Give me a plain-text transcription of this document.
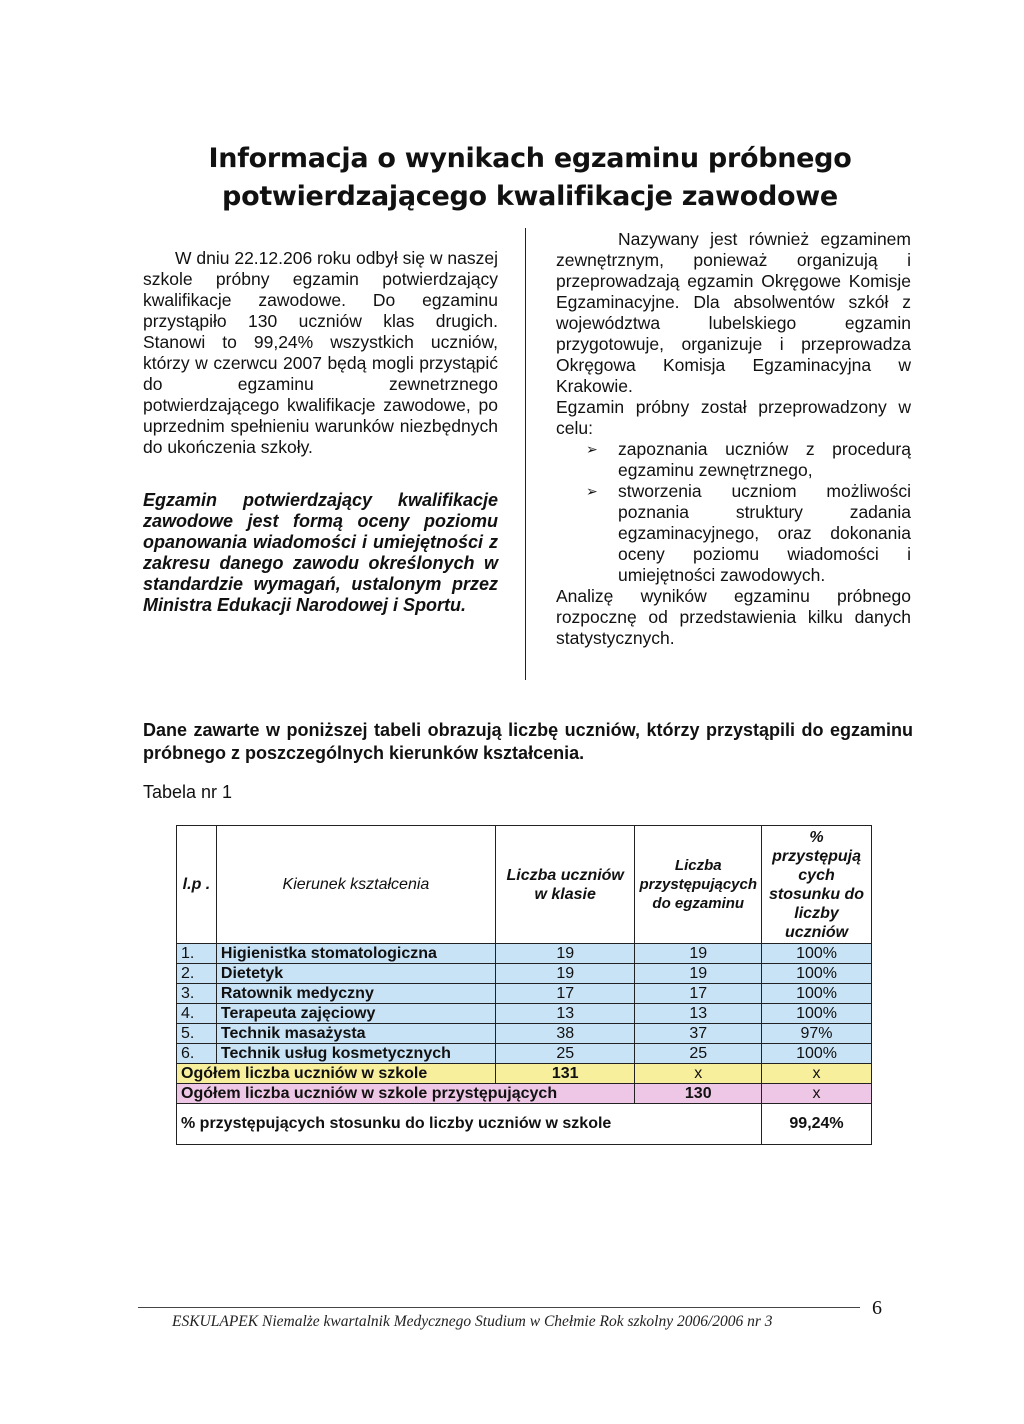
Informacja o wynikach egzaminu próbnego
potwierdzającego kwalifikacje zawodowe

W dniu 22.12.206 roku odbył się w naszej szkole próbny egzamin potwierdzający kwalifikacje zawodowe. Do egzaminu przystąpiło 130 uczniów klas drugich. Stanowi to 99,24% wszystkich uczniów, którzy w czerwcu 2007 będą mogli przystąpić do egzaminu zewnetrznego potwierdzającego kwalifikacje zawodowe, po uprzednim spełnieniu warunków niezbędnych do ukończenia szkoły.

Egzamin potwierdzający kwalifikacje zawodowe jest formą oceny poziomu opanowania wiadomości i umiejętności z zakresu danego zawodu określonych w standardzie wymagań, ustalonym przez Ministra Edukacji Narodowej i Sportu.

Nazywany jest również egzaminem zewnętrznym, ponieważ organizują i przeprowadzają egzamin Okręgowe Komisje Egzaminacyjne. Dla absolwentów szkół z województwa lubelskiego egzamin przygotowuje, organizuje i przeprowadza Okręgowa Komisja Egzaminacyjna w Krakowie.

Egzamin próbny został przeprowadzony w celu:

➢ zapoznania uczniów z procedurą egzaminu zewnętrznego,
➢ stworzenia uczniom możliwości poznania struktury zadania egzaminacyjnego, oraz dokonania oceny poziomu wiadomości i umiejętności zawodowych.

Analizę wyników egzaminu próbnego rozpocznę od przedstawienia kilku danych statystycznych.

Dane zawarte w poniższej tabeli obrazują liczbę uczniów, którzy przystąpili do egzaminu próbnego z poszczególnych kierunków kształcenia.
Tabela nr 1
l.p .	Kierunek kształcenia	Liczba uczniów w klasie	Liczba przystępujących do egzaminu	% przystępują cych stosunku do liczby uczniów
1.	Higienistka stomatologiczna	19	19	100%
2.	Dietetyk	19	19	100%
3.	Ratownik medyczny	17	17	100%
4.	Terapeuta zajęciowy	13	13	100%
5.	Technik masażysta	38	37	97%
6.	Technik usług kosmetycznych	25	25	100%
Ogółem liczba uczniów w szkole		131	x	x
Ogółem liczba uczniów w szkole przystępujących			130	x
% przystępujących stosunku do liczby uczniów w szkole				99,24%
6
ESKULAPEK Niemalże kwartalnik Medycznego Studium w Chełmie Rok szkolny 2006/2006 nr 3
